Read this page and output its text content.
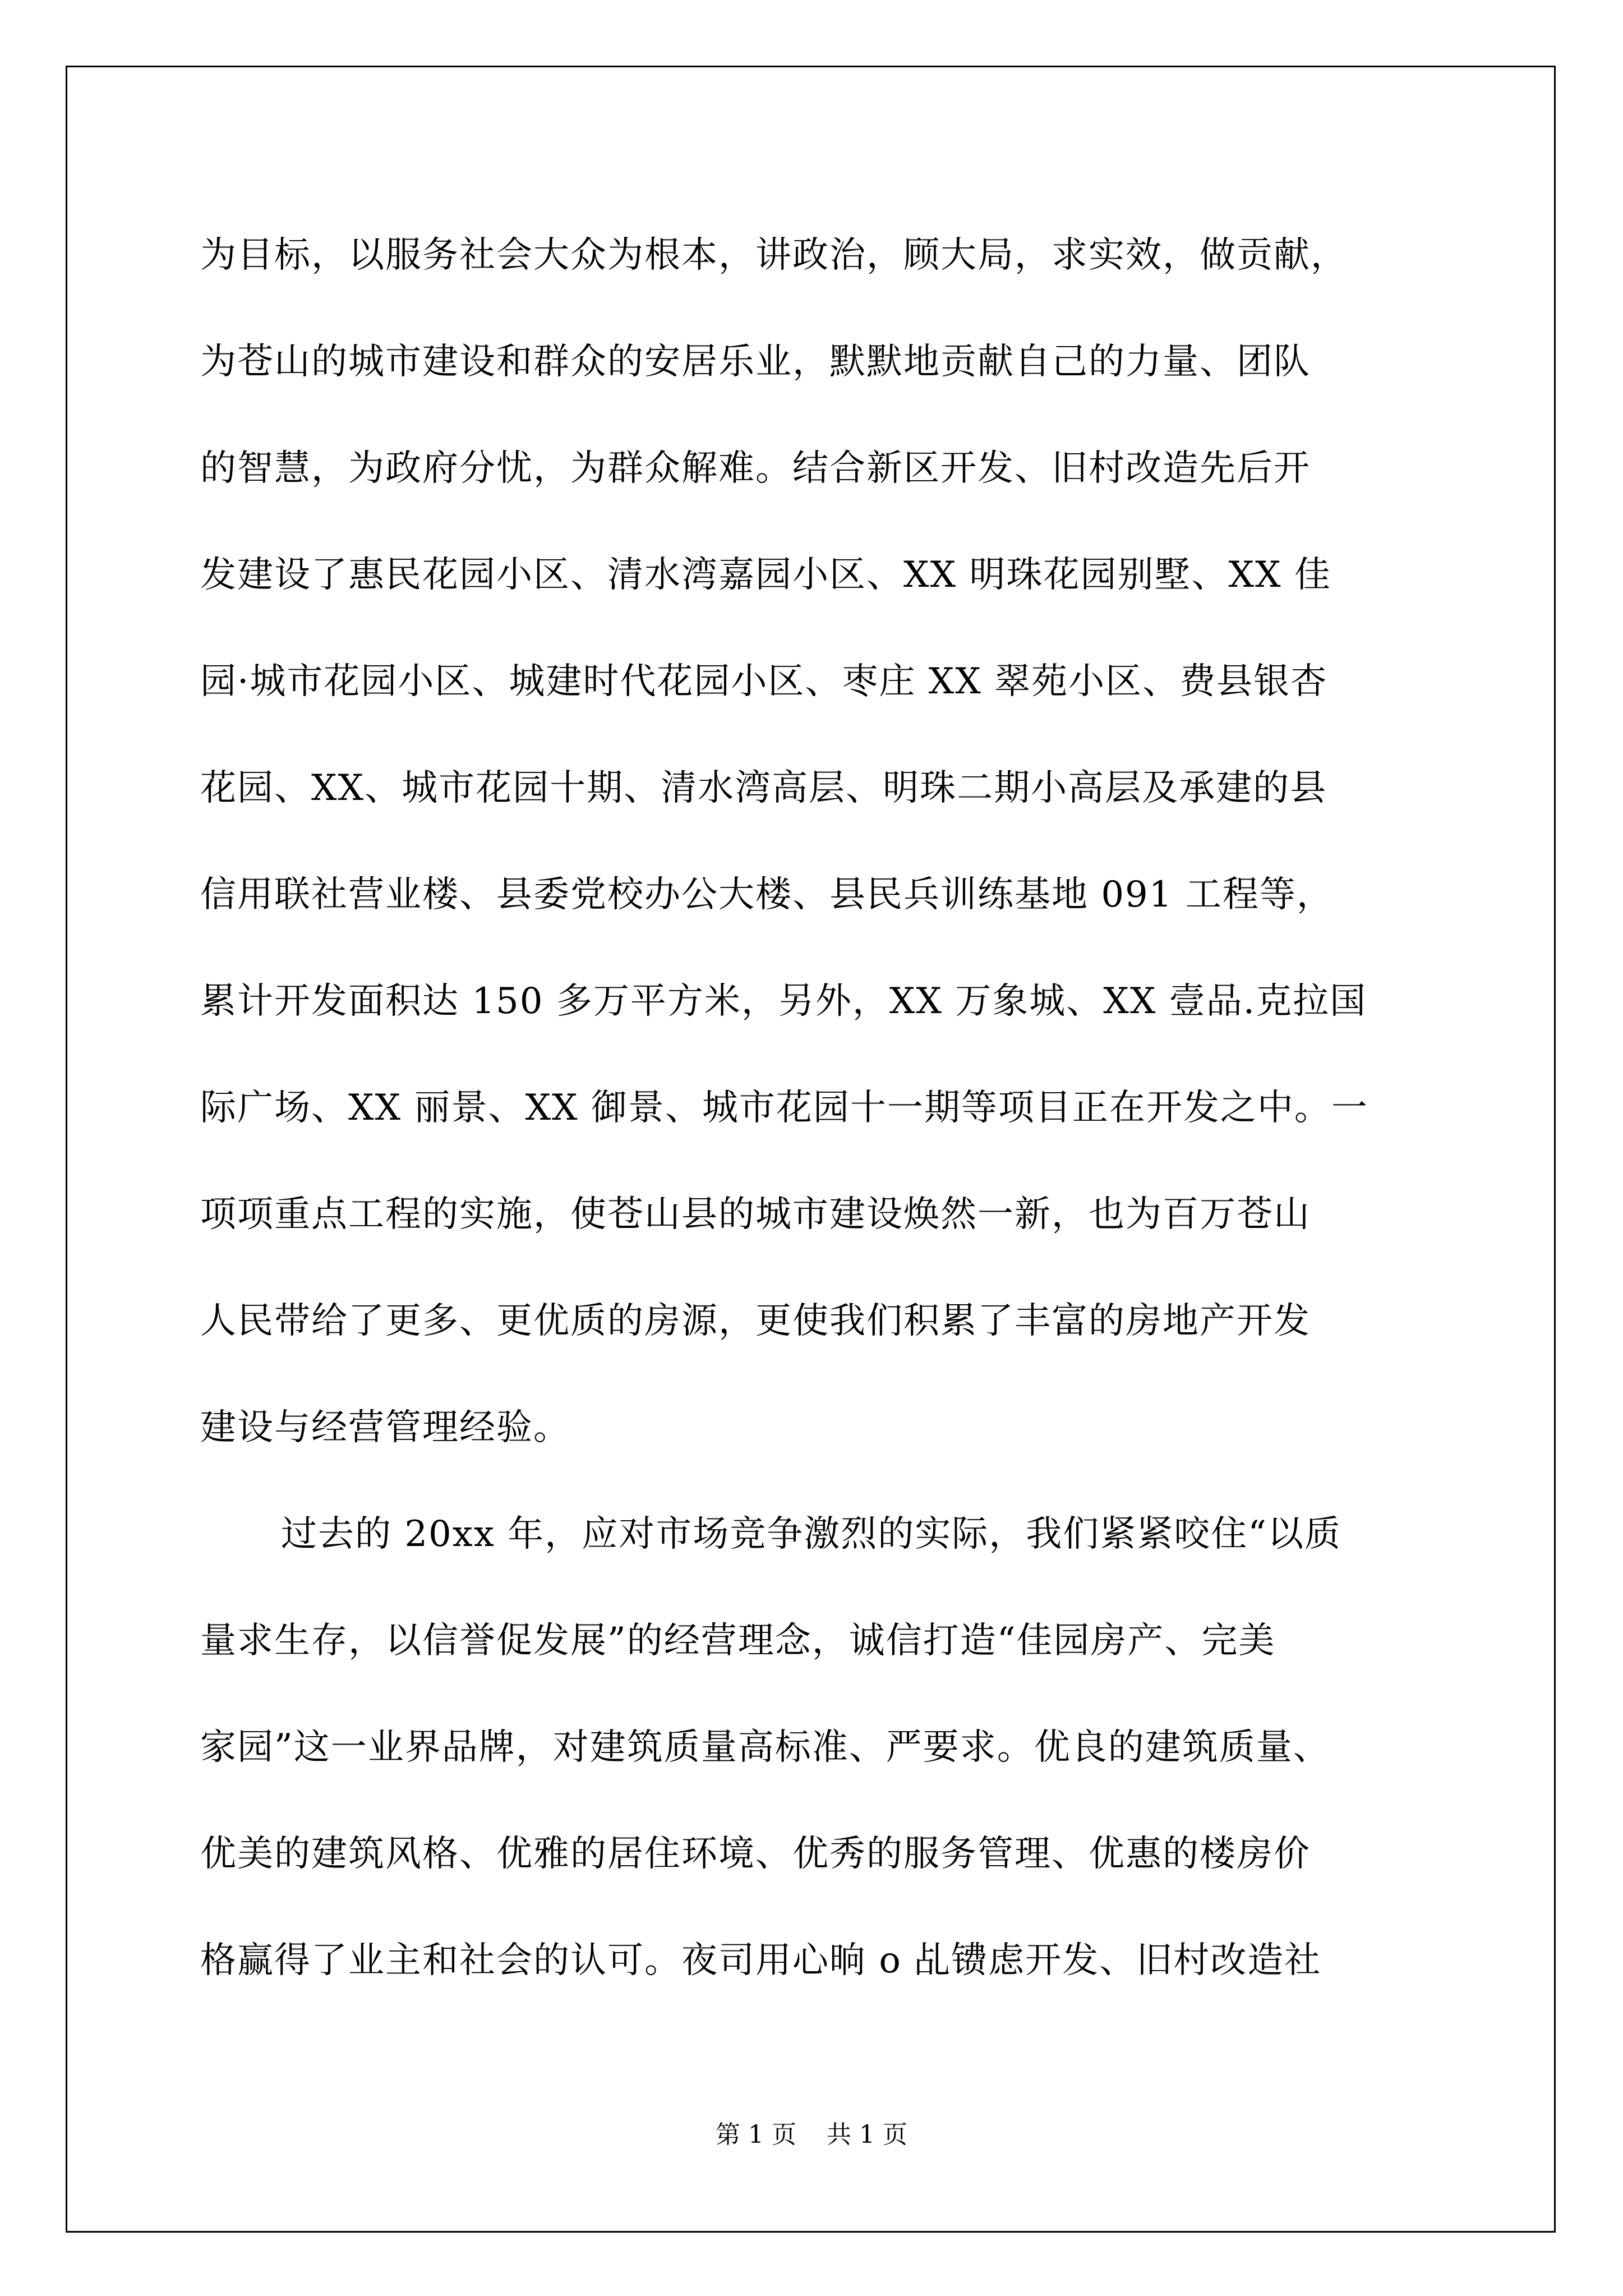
为目标，以服务社会大众为根本，讲政治，顾大局，求实效，做贡献，
为苍山的城市建设和群众的安居乐业，默默地贡献自己的力量、团队
的智慧，为政府分忧，为群众解难。结合新区开发、旧村改造先后开
发建设了惠民花园小区、清水湾嘉园小区、XX 明珠花园别墅、XX 佳
园·城市花园小区、城建时代花园小区、枣庄 XX 翠苑小区、费县银杏
花园、XX、城市花园十期、清水湾高层、明珠二期小高层及承建的县
信用联社营业楼、县委党校办公大楼、县民兵训练基地 091 工程等，
累计开发面积达 150 多万平方米，另外，XX 万象城、XX 壹品.克拉国
际广场、XX 丽景、XX 御景、城市花园十一期等项目正在开发之中。一
项项重点工程的实施，使苍山县的城市建设焕然一新，也为百万苍山
人民带给了更多、更优质的房源，更使我们积累了丰富的房地产开发
建设与经营管理经验。
过去的 20xx 年，应对市场竞争激烈的实际，我们紧紧咬住“以质
量求生存，以信誉促发展”的经营理念，诚信打造“佳园房产、完美
家园”这一业界品牌，对建筑质量高标准、严要求。优良的建筑质量、
优美的建筑风格、优雅的居住环境、优秀的服务管理、优惠的楼房价
格赢得了业主和社会的认可。夜司用心晌 o 乩镄虑开发、旧村改造社
第 1 页 共 1 页
